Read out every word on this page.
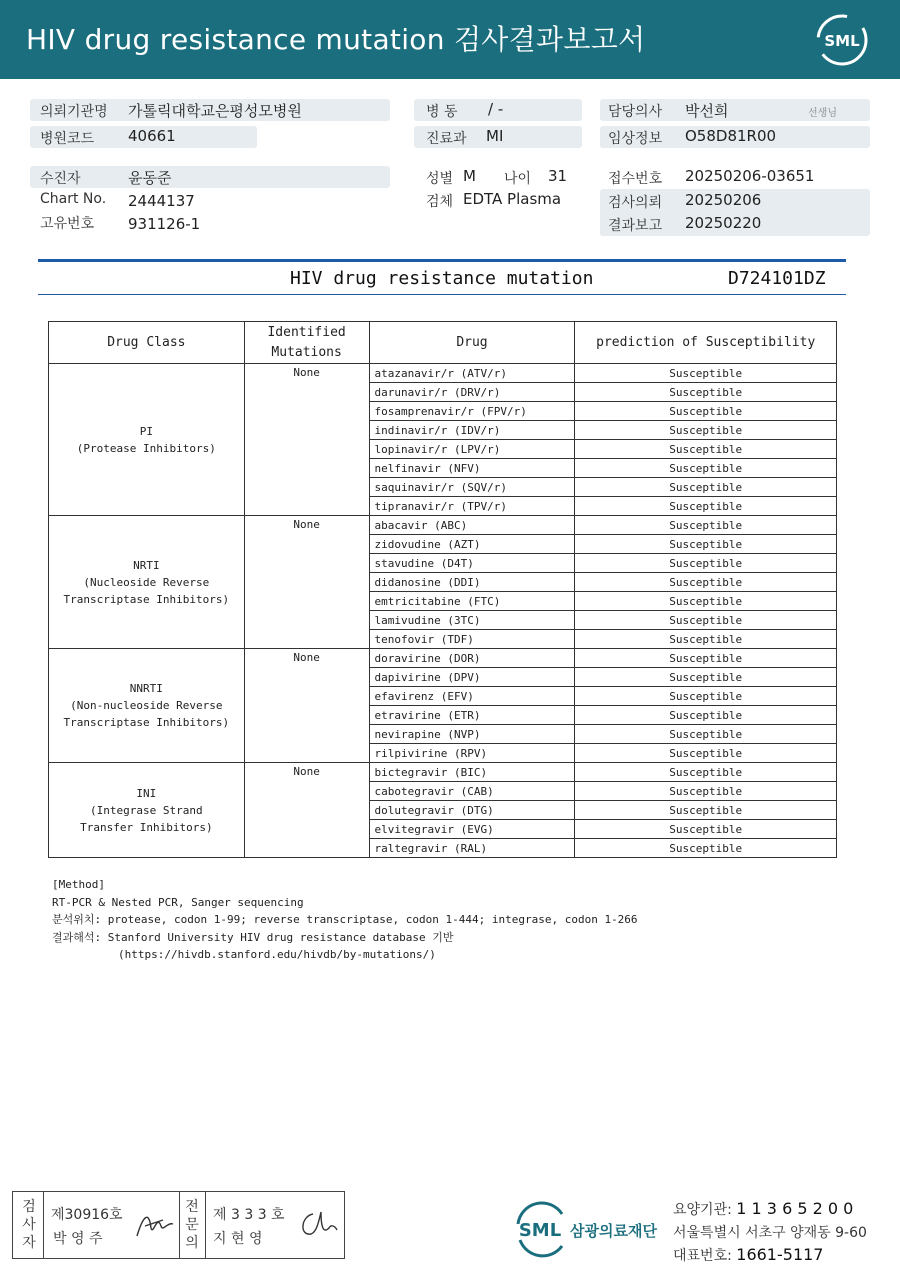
HIV drug resistance mutation 검사결과보고서	SML
의뢰기관명 가톨릭대학교은평성모병원
병원코드 40661
수진자	윤동준
Chart No. 2444137
고유번호 931126-1
병 동 / -
진료과 MI
성별 M 나이 31
검체 EDTA Plasma
담당의사 박선희	선생님
임상정보 O58D81R00
접수번호 20250206-03651
검사의뢰 20250206
결과보고 20250220
HIV drug resistance mutation	D724101DZ
Drug Class	Identified
Mutations	Drug	prediction of Susceptibility
PI
(Protease Inhibitors)	None	atazanavir/r (ATV/r)	Susceptible
		darunavir/r (DRV/r)	Susceptible
		fosamprenavir/r (FPV/r)	Susceptible
		indinavir/r (IDV/r)	Susceptible
		lopinavir/r (LPV/r)	Susceptible
		nelfinavir (NFV)	Susceptible
		saquinavir/r (SQV/r)	Susceptible
		tipranavir/r (TPV/r)	Susceptible
NRTI
(Nucleoside Reverse
Transcriptase Inhibitors)	None	abacavir (ABC)	Susceptible
		zidovudine (AZT)	Susceptible
		stavudine (D4T)	Susceptible
		didanosine (DDI)	Susceptible
		emtricitabine (FTC)	Susceptible
		lamivudine (3TC)	Susceptible
		tenofovir (TDF)	Susceptible
NNRTI
(Non-nucleoside Reverse
Transcriptase Inhibitors)	None	doravirine (DOR)	Susceptible
		dapivirine (DPV)	Susceptible
		efavirenz (EFV)	Susceptible
		etravirine (ETR)	Susceptible
		nevirapine (NVP)	Susceptible
		rilpivirine (RPV)	Susceptible
INI
(Integrase Strand
Transfer Inhibitors)	None	bictegravir (BIC)	Susceptible
		cabotegravir (CAB)	Susceptible
		dolutegravir (DTG)	Susceptible
		elvitegravir (EVG)	Susceptible
		raltegravir (RAL)	Susceptible
[Method]
RT-PCR & Nested PCR, Sanger sequencing
분석위치: protease, codon 1-99; reverse transcriptase, codon 1-444; integrase, codon 1-266
결과해석: Stanford University HIV drug resistance database 기반
(https://hivdb.stanford.edu/hivdb/by-mutations/)
검
사
자
제30916호
박 영 주
전
문
의
제 3 3 3 호
지 현 영	SML 삼광의료재단
요양기관: 1 1 3 6 5 2 0 0
서울특별시 서초구 양재동 9-60
대표번호: 1661-5117
